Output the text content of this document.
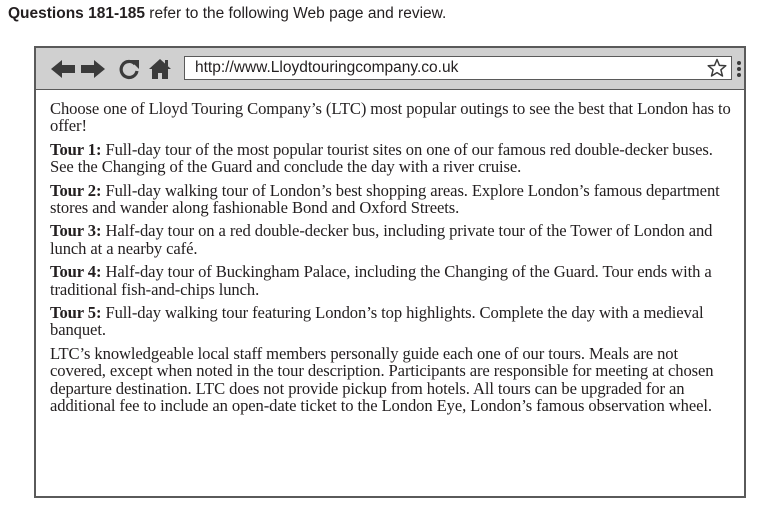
Questions 181-185 refer to the following Web page and review.
http://www.Lloydtouringcompany.co.uk

Choose one of Lloyd Touring Company’s (LTC) most popular outings to see the best that London has to offer!

Tour 1: Full-day tour of the most popular tourist sites on one of our famous red double-decker buses. See the Changing of the Guard and conclude the day with a river cruise.

Tour 2: Full-day walking tour of London’s best shopping areas. Explore London’s famous department stores and wander along fashionable Bond and Oxford Streets.

Tour 3: Half-day tour on a red double-decker bus, including private tour of the Tower of London and lunch at a nearby café.

Tour 4: Half-day tour of Buckingham Palace, including the Changing of the Guard. Tour ends with a traditional fish-and-chips lunch.

Tour 5: Full-day walking tour featuring London’s top highlights. Complete the day with a medieval banquet.

LTC’s knowledgeable local staff members personally guide each one of our tours. Meals are not covered, except when noted in the tour description. Participants are responsible for meeting at chosen departure destination. LTC does not provide pickup from hotels. All tours can be upgraded for an additional fee to include an open-date ticket to the London Eye, London’s famous observation wheel.
